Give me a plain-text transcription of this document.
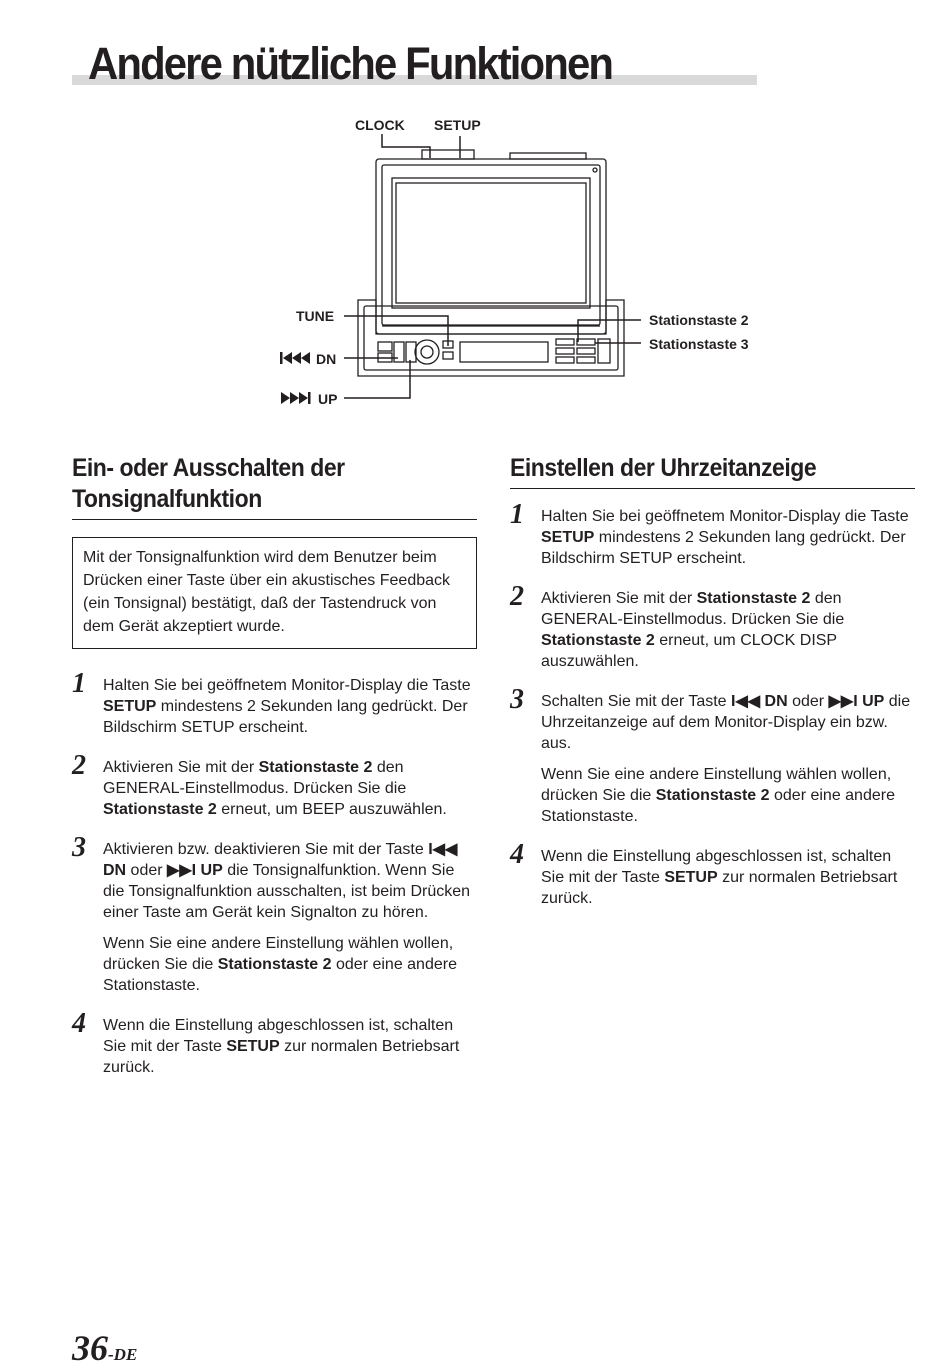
Andere nützliche Funktionen
CLOCK SETUP
TUNE
DN
UP
Stationstaste 2
Stationstaste 3
Ein- oder Ausschalten der
Tonsignalfunktion
Mit der Tonsignalfunktion wird dem Benutzer beim Drücken einer Taste über ein akustisches Feedback (ein Tonsignal) bestätigt, daß der Tastendruck von dem Gerät akzeptiert wurde.
1 Halten Sie bei geöffnetem Monitor-Display die Taste SETUP mindestens 2 Sekunden lang gedrückt. Der Bildschirm SETUP erscheint.

2 Aktivieren Sie mit der Stationstaste 2 den GENERAL-Einstellmodus. Drücken Sie die Stationstaste 2 erneut, um BEEP auszuwählen.

3 Aktivieren bzw. deaktivieren Sie mit der Taste I◀◀ DN oder ▶▶I UP die Tonsignalfunktion. Wenn Sie die Tonsignalfunktion ausschalten, ist beim Drücken einer Taste am Gerät kein Signalton zu hören.

Wenn Sie eine andere Einstellung wählen wollen, drücken Sie die Stationstaste 2 oder eine andere Stationstaste.

4 Wenn die Einstellung abgeschlossen ist, schalten Sie mit der Taste SETUP zur normalen Betriebsart zurück.

Einstellen der Uhrzeitanzeige
1 Halten Sie bei geöffnetem Monitor-Display die Taste SETUP mindestens 2 Sekunden lang gedrückt. Der Bildschirm SETUP erscheint.

2 Aktivieren Sie mit der Stationstaste 2 den GENERAL-Einstellmodus. Drücken Sie die Stationstaste 2 erneut, um CLOCK DISP auszuwählen.

3 Schalten Sie mit der Taste I◀◀ DN oder ▶▶I UP die Uhrzeitanzeige auf dem Monitor-Display ein bzw. aus.

Wenn Sie eine andere Einstellung wählen wollen, drücken Sie die Stationstaste 2 oder eine andere Stationstaste.

4 Wenn die Einstellung abgeschlossen ist, schalten Sie mit der Taste SETUP zur normalen Betriebsart zurück.

36-DE
